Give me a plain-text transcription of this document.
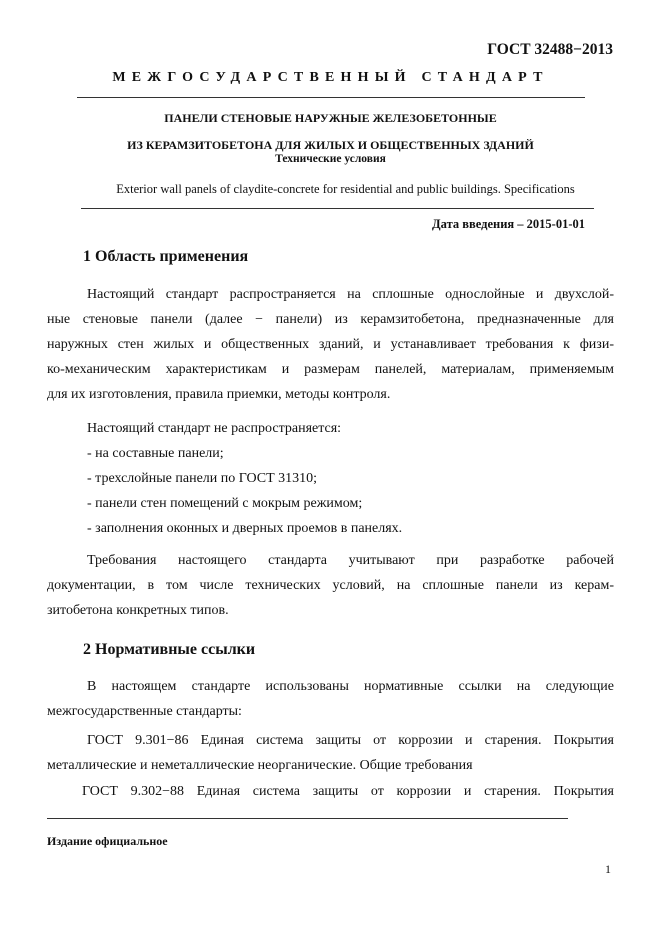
ГОСТ 32488−2013
МЕЖГОСУДАРСТВЕННЫЙ СТАНДАРТ
ПАНЕЛИ СТЕНОВЫЕ НАРУЖНЫЕ ЖЕЛЕЗОБЕТОННЫЕ
ИЗ КЕРАМЗИТОБЕТОНА ДЛЯ ЖИЛЫХ И ОБЩЕСТВЕННЫХ ЗДАНИЙ
Технические условия
Exterior wall panels of claydite-concrete for residential and public buildings. Specifications
Дата введения – 2015-01-01
1 Область применения
Настоящий стандарт распространяется на сплошные однослойные и двухслой-
ные стеновые панели (далее − панели) из керамзитобетона, предназначенные для
наружных стен жилых и общественных зданий, и устанавливает требования к физи-
ко-механическим характеристикам и размерам панелей, материалам, применяемым
для их изготовления, правила приемки, методы контроля.
Настоящий стандарт не распространяется:
- на составные панели;
- трехслойные панели по ГОСТ 31310;
- панели стен помещений с мокрым режимом;
- заполнения оконных и дверных проемов в панелях.
Требования настоящего стандарта учитывают при разработке рабочей
документации, в том числе технических условий, на сплошные панели из керам-
зитобетона конкретных типов.
2 Нормативные ссылки
В настоящем стандарте использованы нормативные ссылки на следующие
межгосударственные стандарты:
ГОСТ 9.301−86 Единая система защиты от коррозии и старения. Покрытия
металлические и неметаллические неорганические. Общие требования
ГОСТ 9.302−88 Единая система защиты от коррозии и старения. Покрытия
Издание официальное
1
